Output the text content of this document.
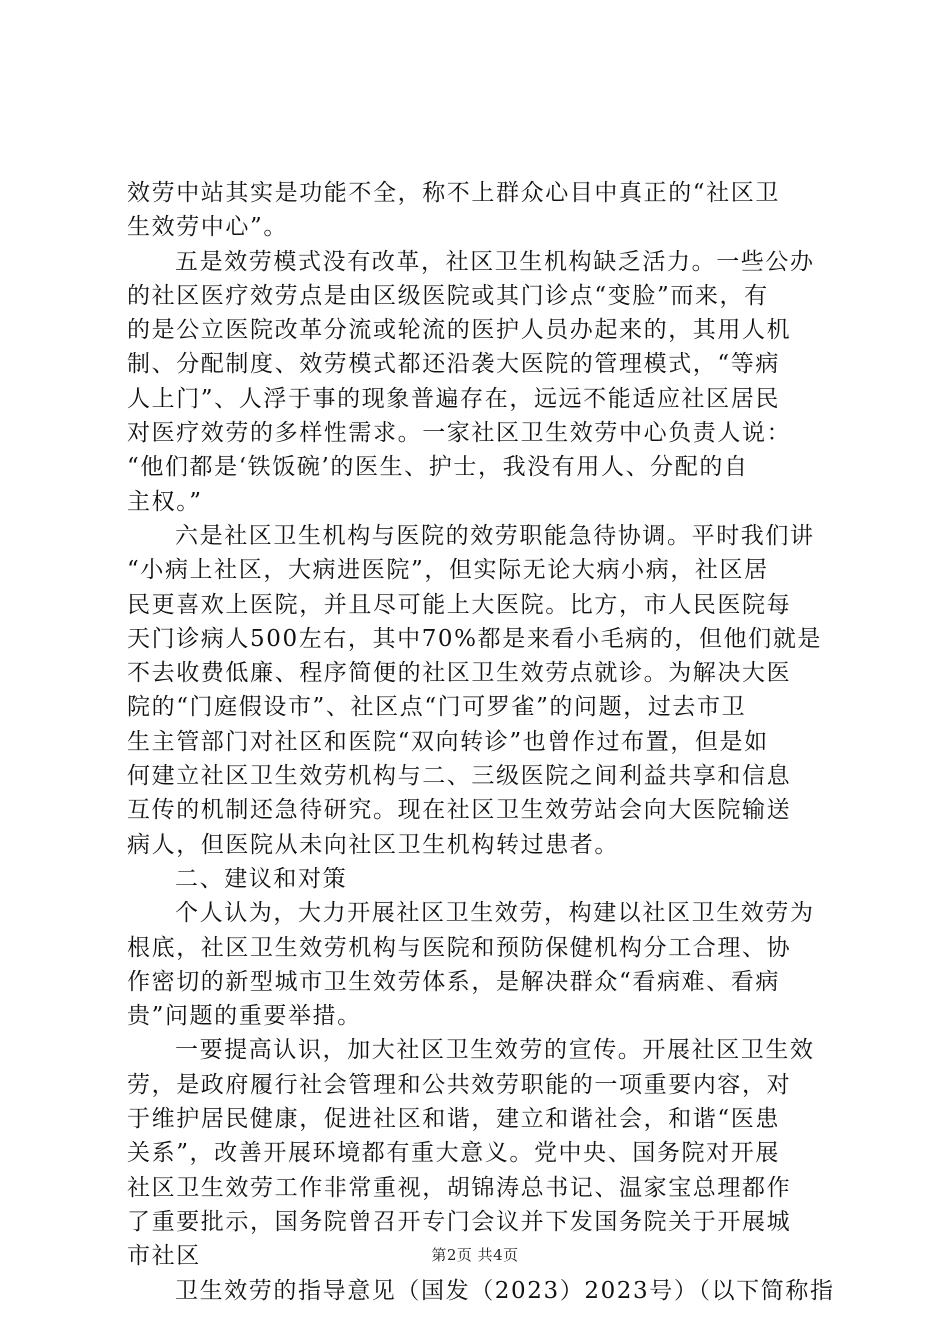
效劳中站其实是功能不全，称不上群众心目中真正的“社区卫
生效劳中心”。
五是效劳模式没有改革，社区卫生机构缺乏活力。一些公办
的社区医疗效劳点是由区级医院或其门诊点“变脸”而来，有
的是公立医院改革分流或轮流的医护人员办起来的，其用人机
制、分配制度、效劳模式都还沿袭大医院的管理模式，“等病
人上门”、人浮于事的现象普遍存在，远远不能适应社区居民
对医疗效劳的多样性需求。一家社区卫生效劳中心负责人说：
“他们都是‘铁饭碗’的医生、护士，我没有用人、分配的自
主权。”
六是社区卫生机构与医院的效劳职能急待协调。平时我们讲
“小病上社区，大病进医院”，但实际无论大病小病，社区居
民更喜欢上医院，并且尽可能上大医院。比方，市人民医院每
天门诊病人500左右，其中70%都是来看小毛病的，但他们就是
不去收费低廉、程序简便的社区卫生效劳点就诊。为解决大医
院的“门庭假设市”、社区点“门可罗雀”的问题，过去市卫
生主管部门对社区和医院“双向转诊”也曾作过布置，但是如
何建立社区卫生效劳机构与二、三级医院之间利益共享和信息
互传的机制还急待研究。现在社区卫生效劳站会向大医院输送
病人，但医院从未向社区卫生机构转过患者。
二、建议和对策
个人认为，大力开展社区卫生效劳，构建以社区卫生效劳为
根底，社区卫生效劳机构与医院和预防保健机构分工合理、协
作密切的新型城市卫生效劳体系，是解决群众“看病难、看病
贵”问题的重要举措。
一要提高认识，加大社区卫生效劳的宣传。开展社区卫生效
劳，是政府履行社会管理和公共效劳职能的一项重要内容，对
于维护居民健康，促进社区和谐，建立和谐社会，和谐“医患
关系”，改善开展环境都有重大意义。党中央、国务院对开展
社区卫生效劳工作非常重视，胡锦涛总书记、温家宝总理都作
了重要批示，国务院曾召开专门会议并下发国务院关于开展城
市社区
卫生效劳的指导意见（国发（2023）2023号）（以下简称指
第2页 共4页
